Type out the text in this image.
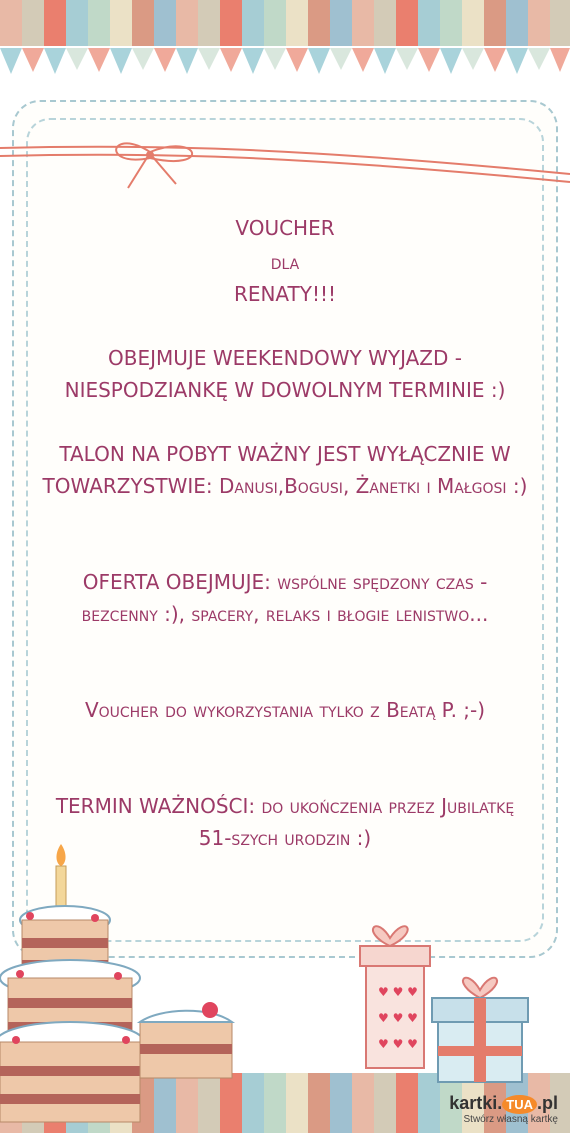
VOUCHER
dla
RENATY!!!
OBEJMUJE WEEKENDOWY WYJAZD - NIESPODZIANKĘ W DOWOLNYM TERMINIE :)
TALON NA POBYT WAŻNY JEST WYŁĄCZNIE W TOWARZYSTWIE: Danusi,Bogusi, Żanetki i Małgosi :)
OFERTA OBEJMUJE: wspólne spędzony czas - bezcenny :), spacery, relaks i błogie lenistwo...
Voucher do wykorzystania tylko z Beatą P. ;-)
TERMIN WAŻNOŚCI: do ukończenia przez Jubilatkę 51-szych urodzin :)
♥ ♥ ♥
♥ ♥ ♥
♥ ♥ ♥
kartki. TUA .pl
Stwórz własną kartkę
